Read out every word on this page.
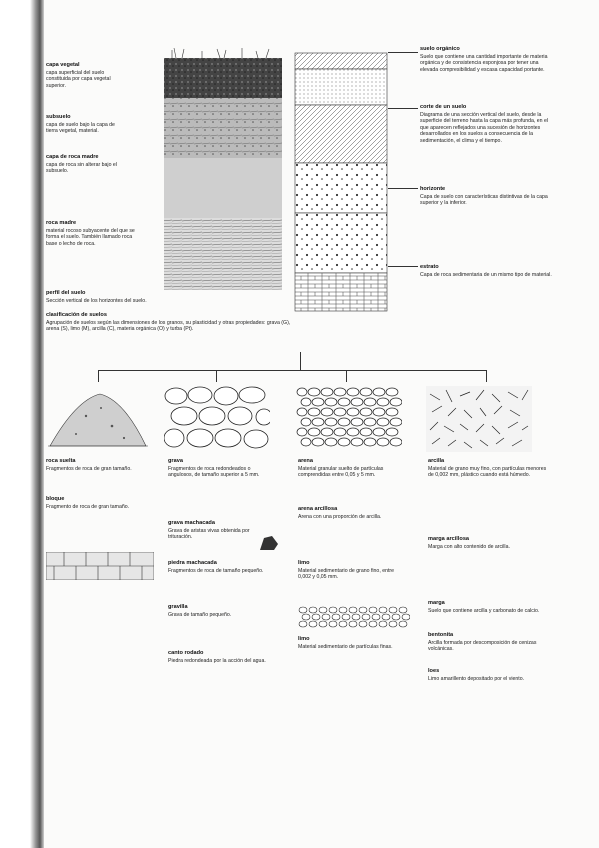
capa vegetal
capa superficial del suelo constituida por capa vegetal superior.
subsuelo
capa de suelo bajo la capa de tierra vegetal, material.
capa de roca madre
capa de roca sin alterar bajo el subsuelo.
roca madre
material rocoso subyacente del que se forma el suelo. También llamado roca base o lecho de roca.
suelo orgánico
Suelo que contiene una cantidad importante de materia orgánica y de consistencia esponjosa por tener una elevada compresibilidad y escasa capacidad portante.
corte de un suelo
Diagrama de una sección vertical del suelo, desde la superficie del terreno hasta la capa más profunda, en el que aparecen reflejados una sucesión de horizontes desarrollados en los suelos a consecuencia de la sedimentación, el clima y el tiempo.
horizonte
Capa de suelo con características distintivas de la capa superior y la inferior.
estrato
Capa de roca sedimentaria de un mismo tipo de material.
perfil del suelo
Sección vertical de los horizontes del suelo.
clasificación de suelos
Agrupación de suelos según las dimensiones de los granos, su plasticidad y otras propiedades: grava (G), arena (S), limo (M), arcilla (C), materia orgánica (O) y turba (Pt).
grava
Fragmentos de roca redondeados o angulosos, de tamaño superior a 5 mm.
arena
Material granular suelto de partículas comprendidas entre 0,05 y 5 mm.
limo
Material sedimentario de grano fino, entre 0,002 y 0,05 mm.
arcilla
Material de grano muy fino, con partículas menores de 0,002 mm, plástico cuando está húmedo.
roca suelta
Fragmentos de roca de gran tamaño.
bloque
Fragmento de roca de gran tamaño.
grava machacada
Grava de aristas vivas obtenida por trituración.
piedra machacada
Fragmentos de roca de tamaño pequeño.
gravilla
Grava de tamaño pequeño.
canto rodado
Piedra redondeada por la acción del agua.
arena arcillosa
Arena con una proporción de arcilla.
limo
Material sedimentario de partículas finas.
marga
Suelo que contiene arcilla y carbonato de calcio.
bentonita
Arcilla formada por descomposición de cenizas volcánicas.
marga arcillosa
Marga con alto contenido de arcilla.
loes
Limo amarillento depositado por el viento.
